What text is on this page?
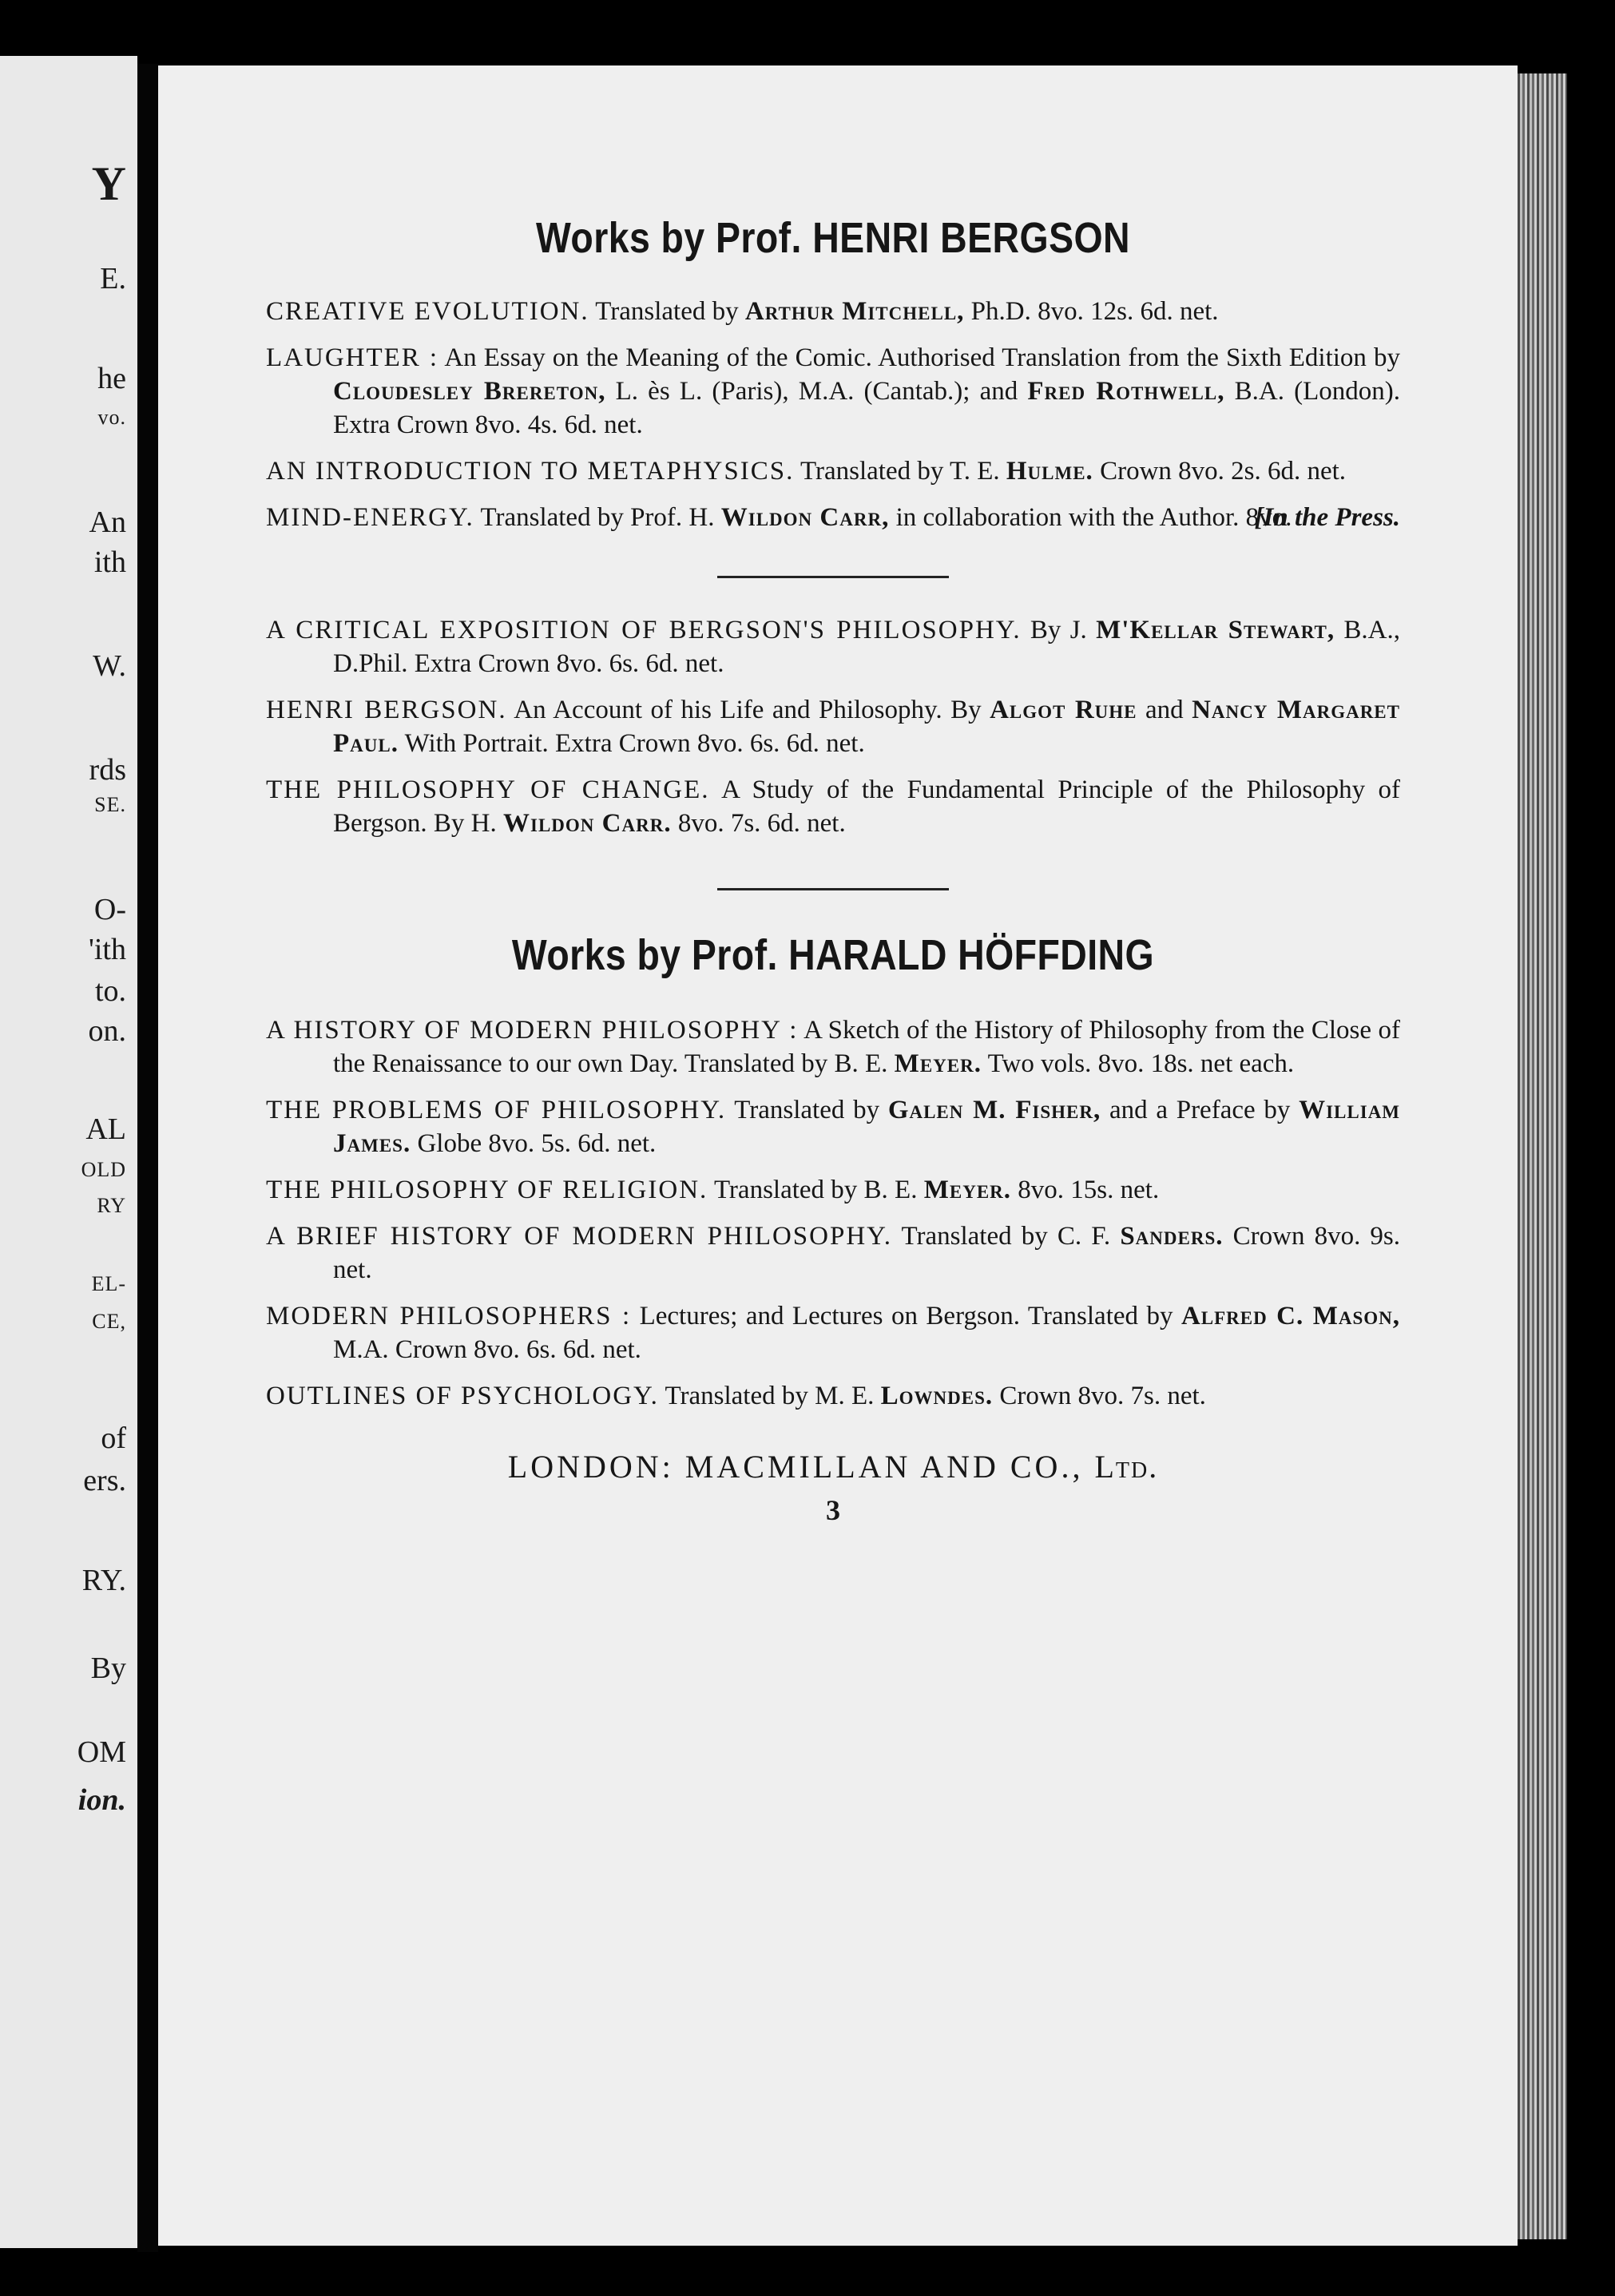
Y
E.
he
vo.
An
ith
W.
rds
SE.
O-
'ith
to.
on.
AL
OLD
RY
EL-
CE,
of
ers.
RY.
By
OM
ion.
Works by Prof. HENRI BERGSON
CREATIVE EVOLUTION. Translated by Arthur Mitchell, Ph.D. 8vo. 12s. 6d. net.
LAUGHTER : An Essay on the Meaning of the Comic. Authorised Translation from the Sixth Edition by Cloudesley Brereton, L. ès L. (Paris), M.A. (Cantab.); and Fred Rothwell, B.A. (London). Extra Crown 8vo. 4s. 6d. net.
AN INTRODUCTION TO METAPHYSICS. Translated by T. E. Hulme. Crown 8vo. 2s. 6d. net.
[In the Press.
MIND-ENERGY. Translated by Prof. H. Wildon Carr, in collaboration with the Author. 8vo.
A CRITICAL EXPOSITION OF BERGSON'S PHILOSOPHY. By J. M'Kellar Stewart, B.A., D.Phil. Extra Crown 8vo. 6s. 6d. net.
HENRI BERGSON. An Account of his Life and Philosophy. By Algot Ruhe and Nancy Margaret Paul. With Portrait. Extra Crown 8vo. 6s. 6d. net.
THE PHILOSOPHY OF CHANGE. A Study of the Fundamental Principle of the Philosophy of Bergson. By H. Wildon Carr. 8vo. 7s. 6d. net.
Works by Prof. HARALD HÖFFDING
A HISTORY OF MODERN PHILOSOPHY : A Sketch of the History of Philosophy from the Close of the Renaissance to our own Day. Translated by B. E. Meyer. Two vols. 8vo. 18s. net each.
THE PROBLEMS OF PHILOSOPHY. Translated by Galen M. Fisher, and a Preface by William James. Globe 8vo. 5s. 6d. net.
THE PHILOSOPHY OF RELIGION. Translated by B. E. Meyer. 8vo. 15s. net.
A BRIEF HISTORY OF MODERN PHILOSOPHY. Translated by C. F. Sanders. Crown 8vo. 9s. net.
MODERN PHILOSOPHERS : Lectures; and Lectures on Bergson. Translated by Alfred C. Mason, M.A. Crown 8vo. 6s. 6d. net.
OUTLINES OF PSYCHOLOGY. Translated by M. E. Lowndes. Crown 8vo. 7s. net.
LONDON: MACMILLAN AND CO., Ltd.
3
